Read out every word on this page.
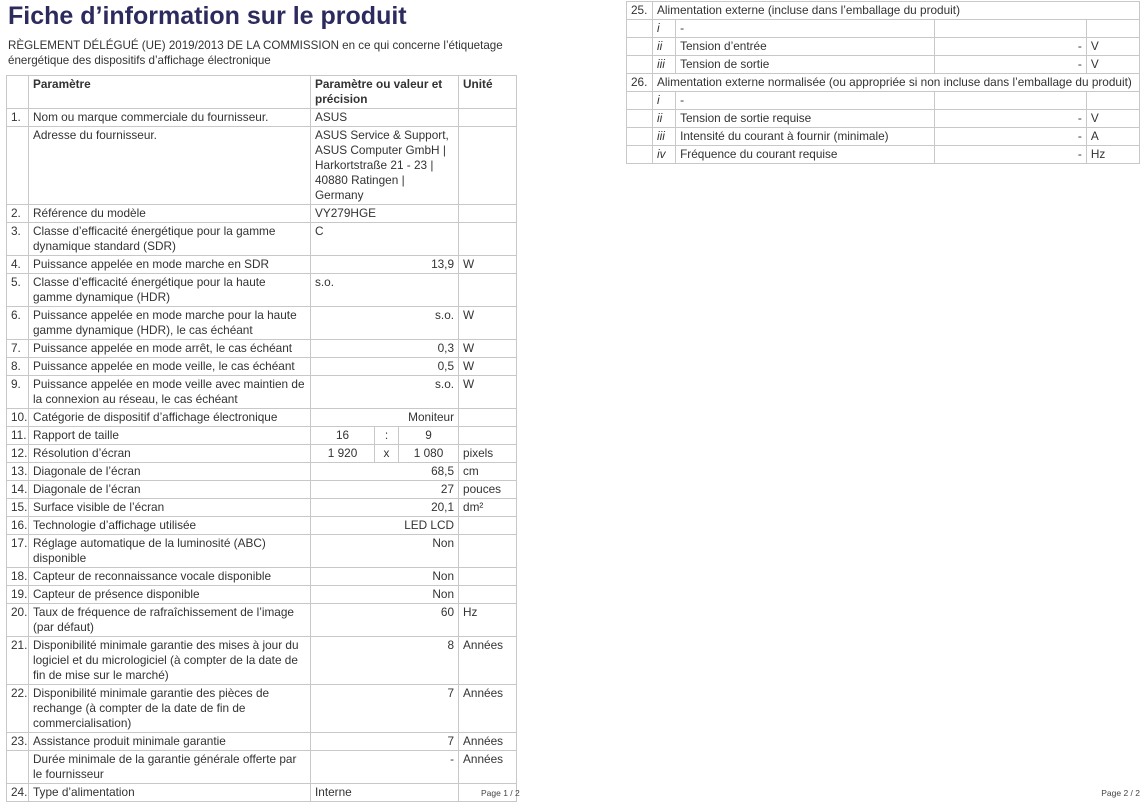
Fiche d’information sur le produit

RÈGLEMENT DÉLÉGUÉ (UE) 2019/2013 DE LA COMMISSION en ce qui concerne l’étiquetage énergétique des dispositifs d’affichage électronique

	Paramètre	Paramètre ou valeur et précision			Unité
1.	Nom ou marque commerciale du fournisseur.	ASUS			
	Adresse du fournisseur.	ASUS Service & Support, ASUS Computer GmbH | Harkortstraße 21 - 23 | 40880 Ratingen | Germany			
2.	Référence du modèle	VY279HGE			
3.	Classe d’efficacité énergétique pour la gamme dynamique standard (SDR)	C			
4.	Puissance appelée en mode marche en SDR	13,9			W
5.	Classe d’efficacité énergétique pour la haute gamme dynamique (HDR)	s.o.			
6.	Puissance appelée en mode marche pour la haute gamme dynamique (HDR), le cas échéant	s.o.			W
7.	Puissance appelée en mode arrêt, le cas échéant	0,3			W
8.	Puissance appelée en mode veille, le cas échéant	0,5			W
9.	Puissance appelée en mode veille avec maintien de la connexion au réseau, le cas échéant	s.o.			W
10.	Catégorie de dispositif d’affichage électronique	Moniteur			
11.	Rapport de taille	16	:	9	
12.	Résolution d’écran	1 920	x	1 080	pixels
13.	Diagonale de l’écran	68,5			cm
14.	Diagonale de l’écran	27			pouces
15.	Surface visible de l’écran	20,1			dm²
16.	Technologie d’affichage utilisée	LED LCD			
17.	Réglage automatique de la luminosité (ABC) disponible	Non			
18.	Capteur de reconnaissance vocale disponible	Non			
19.	Capteur de présence disponible	Non			
20.	Taux de fréquence de rafraîchissement de l’image (par défaut)	60			Hz
21.	Disponibilité minimale garantie des mises à jour du logiciel et du micrologiciel (à compter de la date de fin de mise sur le marché)	8			Années
22.	Disponibilité minimale garantie des pièces de rechange (à compter de la date de fin de commercialisation)	7			Années
23.	Assistance produit minimale garantie	7			Années
	Durée minimale de la garantie générale offerte par le fournisseur	-			Années
24.	Type d’alimentation	Interne				Page 1 / 2
25.	Alimentation externe (incluse dans l’emballage du produit)			
	i	-		
	ii	Tension d’entrée	-	V
	iii	Tension de sortie	-	V
26.	Alimentation externe normalisée (ou appropriée si non incluse dans l’emballage du produit)			
	i	-		
	ii	Tension de sortie requise	-	V
	iii	Intensité du courant à fournir (minimale)	-	A
	iv	Fréquence du courant requise	-	Hz
Page 2 / 2
